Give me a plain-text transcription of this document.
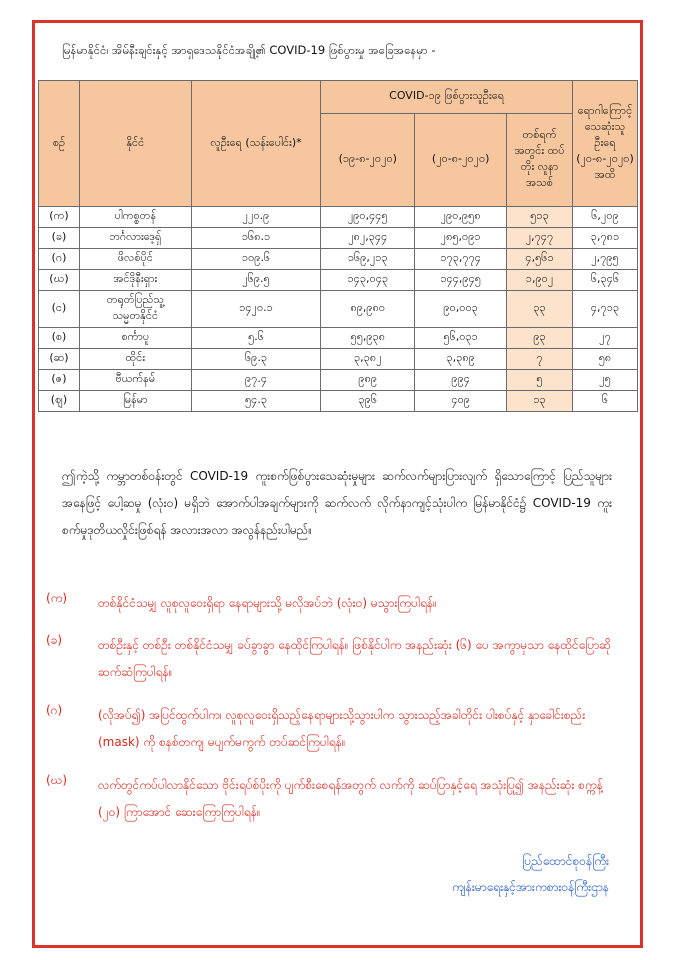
မြန်မာနိုင်ငံ၊ အိမ်နီးချင်းနှင့် အာရှဒေသနိုင်ငံအချို့၏ COVID-19 ဖြစ်ပွားမှု အခြေအနေမှာ -
စဉ်	နိုင်ငံ	လူဦးရေ (သန်းပေါင်း)*	COVID-၁၉ ဖြစ်ပွားသူဦးရေ			ရောဂါကြောင့် သေဆုံးသူဦးရေ (၂၀-၈-၂၀၂၀) အထိ
			(၁၉-၈-၂၀၂၀)	(၂၀-၈-၂၀၂၀)	တစ်ရက်အတွင်း ထပ်တိုး လူနာအသစ်	
(က)	ပါကစ္စတန်	၂၂၀.၉	၂၉၀,၄၄၅	၂၉၀,၉၅၈	၅၁၃	၆,၂၀၉
(ခ)	ဘင်္ဂလားဒေ့ရှ်	၁၆၈.၁	၂၈၂,၃၄၄	၂၈၅,၀၉၁	၂,၇၄၇	၃,၇၈၁
(ဂ)	ဖိလစ်ပိုင်	၁၀၉.၆	၁၆၉,၂၁၃	၁၇၃,၇၇၄	၄,၅၆၁	၂,၇၉၅
(ဃ)	အင်ဒိုနီးရှား	၂၆၉.၅	၁၄၃,၀၄၃	၁၄၄,၉၄၅	၁,၉၀၂	၆,၃၄၆
(င)	တရုတ်ပြည်သူ့ သမ္မတနိုင်ငံ	၁၄၂၀.၁	၈၉,၉၈၀	၉၀,၀၀၃	၃၃	၄,၇၁၃
(စ)	စင်္ကာပူ	၅.၆	၅၅,၉၃၈	၅၆,၀၃၁	၉၃	၂၇
(ဆ)	ထိုင်း	၆၉.၃	၃,၃၈၂	၃,၃၈၉	၇	၅၈
(ဇ)	ဗီယက်နမ်	၉၇.၄	၉၈၉	၉၉၄	၅	၂၅
(ဈ)	မြန်မာ	၅၄.၃	၃၉၆	၄၀၉	၁၃	၆
ဤကဲ့သို့ ကမ္ဘာတစ်ဝန်းတွင် COVID-19 ကူးစက်ဖြစ်ပွားသေဆုံးမှုများ ဆက်လက်များပြားလျက် ရှိသောကြောင့် ပြည်သူများအနေဖြင့် ပေါ့ဆမှု (လုံး၀) မရှိဘဲ အောက်ပါအချက်များကို ဆက်လက် လိုက်နာကျင့်သုံးပါက မြန်မာနိုင်ငံ၌ COVID-19 ကူးစက်မှုဒုတိယလှိုင်းဖြစ်ရန် အလားအလာ အလွန်နည်းပါမည်။
(က)	တစ်နိုင်ငံသမျှ လူစုလူဝေးရှိရာ နေရာများသို့ မလိုအပ်ဘဲ (လုံး၀) မသွားကြပါရန်။
(ခ)	တစ်ဦးနှင့် တစ်ဦး တစ်နိုင်ငံသမျှ ခပ်ခွာခွာ နေထိုင်ကြပါရန်။ ဖြစ်နိုင်ပါက အနည်းဆုံး (၆) ပေ အကွာမှသာ နေထိုင်ပြောဆိုဆက်ဆံကြပါရန်။
(ဂ)	(လိုအပ်၍) အပြင်ထွက်ပါက၊ လူစုလူဝေးရှိသည့်နေရာများသို့သွားပါက သွားသည့်အခါတိုင်း ပါးစပ်နှင့် နှာခေါင်းစည်း (mask) ကို စနစ်တကျ မပျက်မကွက် တပ်ဆင်ကြပါရန်။
(ဃ)	လက်တွင်ကပ်ပါလာနိုင်သော ဗိုင်းရပ်စ်ပိုးကို ပျက်စီးစေရန်အတွက် လက်ကို ဆပ်ပြာနှင့်ရေ အသုံးပြု၍ အနည်းဆုံး စက္ကန့် (၂၀) ကြာအောင် ဆေးကြောကြပါရန်။
ပြည်ထောင်စုဝန်ကြီး
ကျန်းမာရေးနှင့်အားကစားဝန်ကြီးဌာန
